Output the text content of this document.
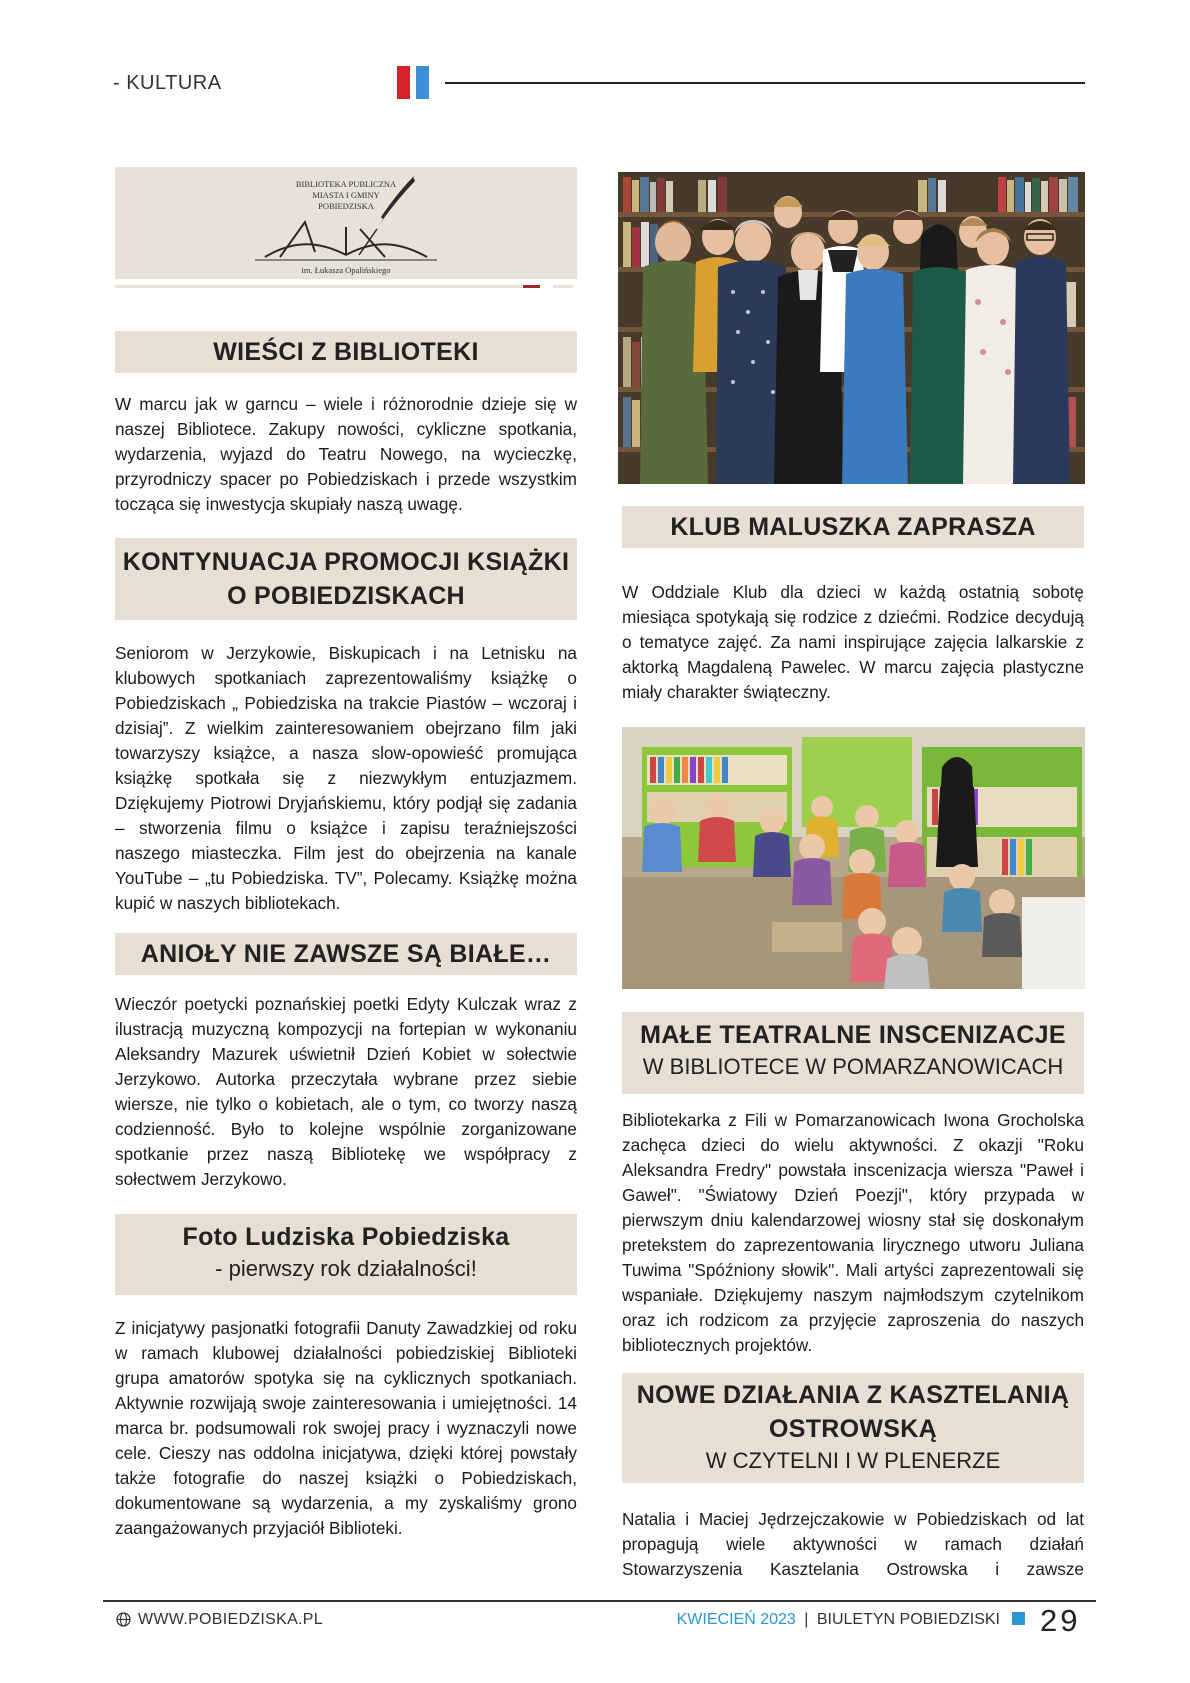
- KULTURA
BIBLIOTEKA PUBLICZNA
MIASTA I GMINY
POBIEDZISKA
im. Łukasza Opalińskiego
WIEŚCI Z BIBLIOTEKI
W marcu jak w garncu – wiele i różnorodnie dzieje się w naszej Bibliotece. Zakupy nowości, cykliczne spotkania, wydarzenia, wyjazd do Teatru Nowego, na wycieczkę, przyrodniczy spacer po Pobiedziskach i przede wszystkim tocząca się inwestycja skupiały naszą uwagę.
KONTYNUACJA PROMOCJI KSIĄŻKI
O POBIEDZISKACH
Seniorom w Jerzykowie, Biskupicach i na Letnisku na klubowych spotkaniach zaprezentowaliśmy książkę o Pobiedziskach „ Pobiedziska na trakcie Piastów – wczoraj i dzisiaj”. Z wielkim zainteresowaniem obejrzano film jaki towarzyszy książce, a nasza slow-opowieść promująca książkę spotkała się z niezwykłym entuzjazmem. Dziękujemy Piotrowi Dryjańskiemu, który podjął się zadania – stworzenia filmu o książce i zapisu teraźniejszości naszego miasteczka. Film jest do obejrzenia na kanale YouTube – „tu Pobiedziska. TV”, Polecamy. Książkę można kupić w naszych bibliotekach.
ANIOŁY NIE ZAWSZE SĄ BIAŁE…
Wieczór poetycki poznańskiej poetki Edyty Kulczak wraz z ilustracją muzyczną kompozycji na fortepian w wykonaniu Aleksandry Mazurek uświetnił Dzień Kobiet w sołectwie Jerzykowo. Autorka przeczytała wybrane przez siebie wiersze, nie tylko o kobietach, ale o tym, co tworzy naszą codzienność. Było to kolejne wspólnie zorganizowane spotkanie przez naszą Bibliotekę we współpracy z sołectwem Jerzykowo.
Foto Ludziska Pobiedziska
- pierwszy rok działalności!
Z inicjatywy pasjonatki fotografii Danuty Zawadzkiej od roku w ramach klubowej działalności pobiedziskiej Biblioteki grupa amatorów spotyka się na cyklicznych spotkaniach. Aktywnie rozwijają swoje zainteresowania i umiejętności. 14 marca br. podsumowali rok swojej pracy i wyznaczyli nowe cele. Cieszy nas oddolna inicjatywa, dzięki której powstały także fotografie do naszej książki o Pobiedziskach, dokumentowane są wydarzenia, a my zyskaliśmy grono zaangażowanych przyjaciół Biblioteki.
KLUB MALUSZKA ZAPRASZA
W Oddziale Klub dla dzieci w każdą ostatnią sobotę miesiąca spotykają się rodzice z dziećmi. Rodzice decydują o tematyce zajęć. Za nami inspirujące zajęcia lalkarskie z aktorką Magdaleną Pawelec. W marcu zajęcia plastyczne miały charakter świąteczny.
MAŁE TEATRALNE INSCENIZACJE
W BIBLIOTECE W POMARZANOWICACH
Bibliotekarka z Fili w Pomarzanowicach Iwona Grocholska zachęca dzieci do wielu aktywności. Z okazji "Roku Aleksandra Fredry" powstała inscenizacja wiersza "Paweł i Gaweł". "Światowy Dzień Poezji", który przypada w pierwszym dniu kalendarzowej wiosny stał się doskonałym pretekstem do zaprezentowania lirycznego utworu Juliana Tuwima "Spóźniony słowik". Mali artyści zaprezentowali się wspaniałe. Dziękujemy naszym najmłodszym czytelnikom oraz ich rodzicom za przyjęcie zaproszenia do naszych bibliotecznych projektów.
NOWE DZIAŁANIA Z KASZTELANIĄ
OSTROWSKĄ
W CZYTELNI I W PLENERZE
Natalia i Maciej Jędrzejczakowie w Pobiedziskach od lat propagują wiele aktywności w ramach działań Stowarzyszenia Kasztelania Ostrowska i zawsze
WWW.POBIEDZISKA.PL	KWIECIEŃ 2023 | BIULETYN POBIEDZISKI 29
